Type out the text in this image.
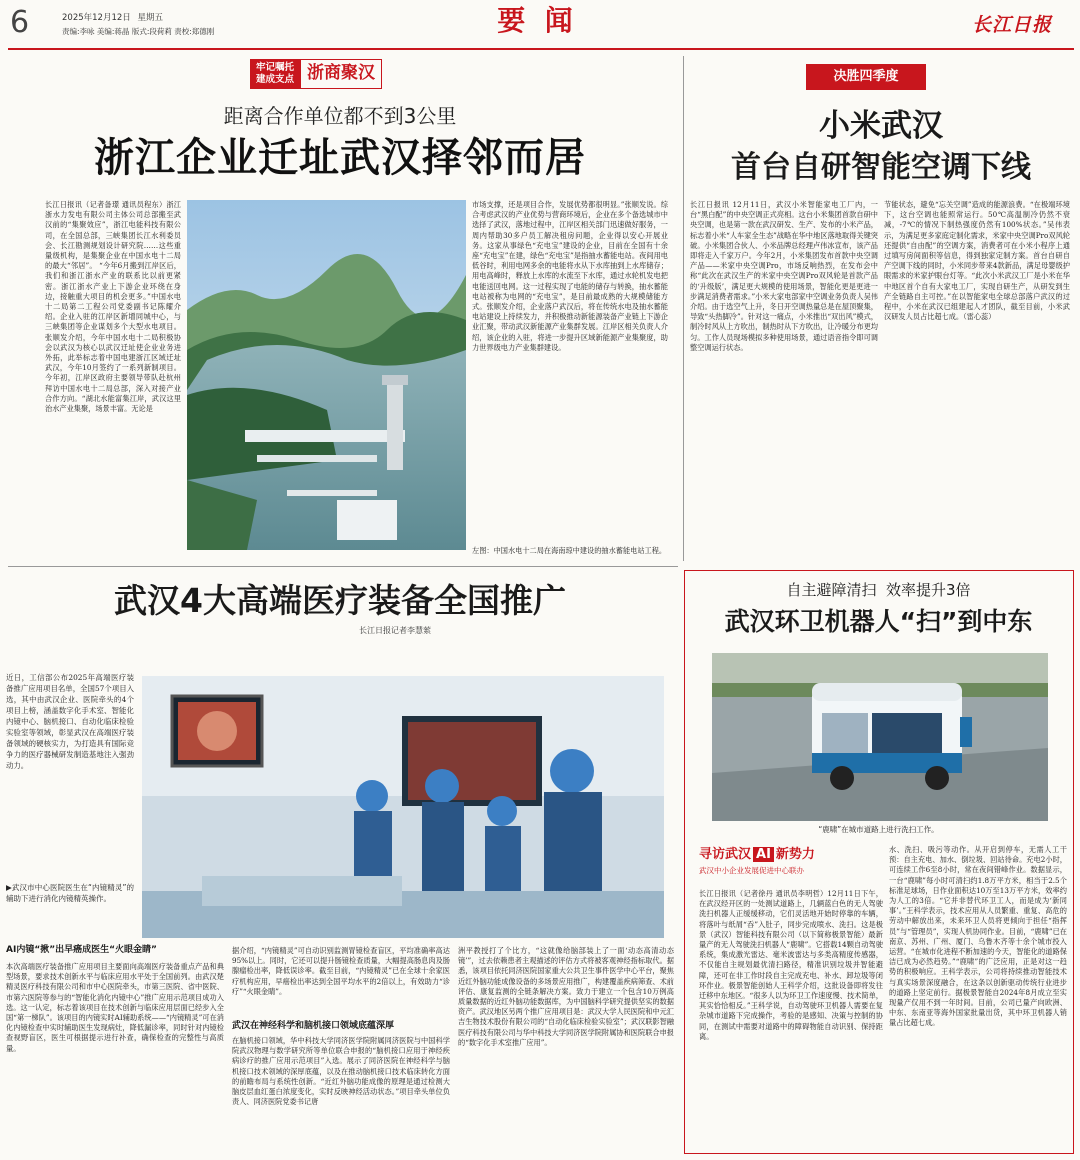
6	2025年12月12日 星期五
责编:李咏 美编:蒋晶 版式:段荷莉 责校:郑德刚	要  闻	长江日报
牢记嘱托
建成支点 浙商聚汉
距离合作单位都不到3公里
浙江企业迁址武汉择邻而居
长江日报讯（记者备璟 通讯员程东）浙江浙水力发电有限公司主体公司总部搬至武汉前的“集聚效应”，浙江电能科技有限公司，在全国总部，三峡集团长江水利委员会、长江勘测规划设计研究院……这些重量级机构，是集聚企业在中国水电十二局的最大“邻居”。 “今年6月搬到江岸区后，我们和浙江浙水产业的联系比以前更紧密。浙江浙水产业上下游企业环绕在身边，接触重大项目的机会更多。”中国水电十二局第二工程公司党委副书记陈耀介绍。企业入驻的江岸区新增同城中心，与三峡集团等企业谋划多个大型水电项目。张顺发介绍，今年中国水电十二局积极协会以武汉为核心以武汉迁址使企业业务进外拓，此举标志着中国电建浙江区域迁址武汉，今年10月签约了一系列新制项目。今年初，江岸区政府主要领导带队赴杭州拜访中国水电十二局总部，深入对接产业合作方向。“湖北水能富集江岸，武汉这里治水产业集聚，场景丰富。无论是
市场支撑，还是项目合作，发展优势都很明显。”张顺发说。综合考虑武汉的产业优势与营商环境后，企业在多个备选城市中选择了武汉，落地过程中，江岸区相关部门迅速做好服务，一周内帮助30多户员工解决租房问题，企业得以安心开展业务。这家从事绿色“充电宝”建设的企业，目前在全国有十余座“充电宝”在建，绿色“充电宝”是指抽水蓄能电站。夜间用电低谷时，利用电网多余的电能将水从下水库抽到上水库储存；用电高峰时，释放上水库的水流至下水库，通过水轮机发电把电能送回电网。这一过程实现了电能的储存与转换，抽水蓄能电站被称为电网的“充电宝”，是目前最成熟的大规模储能方式。张顺发介绍，企业落户武汉后，将在传统水电及抽水蓄能电站建设上持续发力，并积极推动新能源装备产业链上下游企业汇聚，带动武汉新能源产业集群发展。江岸区相关负责人介绍，该企业的入驻，将进一步提升区域新能源产业集聚度，助力世界级电力产业集群建设。
左图：中国水电十二局在海南琼中建设的抽水蓄能电站工程。
决胜四季度
小米武汉
首台自研智能空调下线
长江日报讯 12月11日，武汉小米智能家电工厂内，一台“黑白配”的中央空调正式亮相。这台小米集团首款自研中央空调，也是第一款在武汉研发、生产、发布的小米产品，标志着小米“人车家全生态”战略在华中地区落地取得关键突破。小米集团合伙人、小米品牌总经理卢伟冰宣布，该产品即将走入千家万户。今年2月，小米集团发布首款中央空调产品——米家中央空调Pro，市场反响热烈，在发布会中称“此次在武汉生产的米家中央空调Pro双风轮是首款产品的‘升级版’，满足更大规模的使用场景，智能化更是更进一步满足消费者需求。”小米大家电部家中空调业务负责人吴伟介绍。由于选空气上升，冬日开空调热量总是在屋顶聚集，导致“头热脚冷”。针对这一痛点，小米推出“双出风”模式，制冷时风从上方吹出，制热时从下方吹出，让冷暖分布更均匀。工作人员现场模拟多种使用场景，通过语音指令即可调整空调运行状态。
节能状态，避免“忘关空调”造成的能源浪费。“在极端环境下，这台空调也能照常运行。50℃高温制冷仍然不衰减，-7℃的情况下制热强度仍然有100%状态。”吴伟表示，为满足更多家庭定制化需求，米家中央空调Pro双风轮还提供“自由配”的空调方案，消费者可在小米小程序上通过填写房间面积等信息，得到独家定制方案。首台自研自产空调下线的同时，小米同步带来4款新品，满足母婴级护眼需求的米家护眼台灯等。“此次小米武汉工厂是小米在华中地区首个自有大家电工厂，实现自研生产，从研发到生产全链路自主可控。”在以智能家电全球总部落户武汉的过程中，小米在武汉已组建起人才团队，截至目前，小米武汉研发人员占比超七成。（雷心蕊）
武汉4大高端医疗装备全国推广
长江日报记者李慧萦
近日，工信部公布2025年高端医疗装备推广应用项目名单，全国57个项目入选，其中由武汉企业、医院牵头的4个项目上榜，涵盖数字化手术室、智能化内镜中心、脑机接口、自动化临床检验实验室等领域，彰显武汉在高端医疗装备领域的硬核实力，为打造具有国际竞争力的医疗器械研发制造基地注入强劲动力。
▶武汉市中心医院医生在“内镜精灵”的辅助下进行消化内镜精英操作。
AI内镜“揪”出早癌成医生“火眼金睛”
本次高端医疗装备推广应用项目主要面向高端医疗装备重点产品和典型场景，要求技术创新水平与临床应用水平处于全国前列。由武汉楚精灵医疗科技有限公司和市中心医院牵头，市第三医院、省中医院、市第六医院等参与的“智能化消化内镜中心”推广应用示范项目成功入选。这一认定，标志着该项目在技术创新与临床应用层面已经步入全国“第一梯队”。该项目的内镜实时AI辅助系统——“内镜精灵”可在消化内镜检查中实时辅助医生发现病灶，降低漏诊率，同时针对内镜检查视野盲区，医生可根据提示进行补查，确保检查的完整性与高质量。
据介绍，“内镜精灵”可自动识别监测胃镜检查盲区，平均准确率高达95%以上。同时，它还可以提升肠镜检查质量，大幅提高肠息肉及肠腺瘤检出率，降低误诊率。截至目前，“内镜精灵”已在全球十余家医疗机构应用，早癌检出率达到全国平均水平的2倍以上，有效助力“诊疗”“火眼金睛”。
武汉在神经科学和脑机接口领域底蕴深厚
在脑机接口领域，华中科技大学同济医学院附属同济医院与中国科学院武汉物理与数学研究所等单位联合申报的“脑机接口应用于神经疾病诊疗的推广应用示范项目”入选。展示了同济医院在神经科学与脑机接口技术领域的深厚底蕴，以及在推动脑机接口技术临床转化方面的前瞻布局与系统性创新。“近红外脑功能成像的原理是通过检测大脑皮层血红蛋白浓度变化，实时反映神经活动状态。”项目牵头单位负责人、同济医院党委书记唐
洲平教授打了个比方，“这就像给脑部装上了一面‘动态高清动态镜’”，过去依赖患者主观描述的评估方式将被客观神经指标取代。据悉，该项目依托同济医院国家重大公共卫生事件医学中心平台，聚焦近红外脑功能成像设备的多场景应用推广，构建覆盖疾病筛查、术前评估、康复监测的全链条解决方案。致力于建立一个包含10万例高质量数据的近红外脑功能数据库，为中国脑科学研究提供坚实的数据资产。武汉地区另两个推广应用项目是：武汉大学人民医院和中元汇吉生物技术股份有限公司的“自动化临床检验实验室”；武汉联影智融医疗科技有限公司与华中科技大学同济医学院附属协和医院联合申报的“数字化手术室推广应用”。
自主避障清扫  效率提升3倍
武汉环卫机器人“扫”到中东
“鹿啸”在城市道路上进行洗扫工作。
寻访武汉 AI 新势力
武汉中小企业发展促进中心联办
长江日报讯（记者徐丹 通讯员李明哲）12月11日下午，在武汉经开区的一处测试道路上，几辆蓝白色的无人驾驶洗扫机器人正缓缓移动，它们灵活地开始时停靠的车辆，将落叶与纸屑“吞”入肚子，同步完成喷水、洗扫。这是极景（武汉）智能科技有限公司（以下简称极景智能）最新量产的无人驾驶洗扫机器人“鹿啸”。它搭载14颗自动驾驶系统，集成激光雷达、毫米波雷达与多类高精度传感器，不仅能自主规划最优清扫路径，精准识别垃圾并智能避障，还可在非工作时段自主完成充电、补水、卸垃圾等闭环作业。极景智能创始人王科学介绍，这批设备即将发往迁移中东地区。“很多人以为环卫工作速度慢、技术简单，其实恰恰相反。”王科学说，自动驾驶环卫机器人需要在复杂城市道路下完成操作，考验的是感知、决策与控制的协同，在测试中需要对道路中的障碍物能自动识别、保持距离。
水、洗扫、吸污等动作。从开启到停车，无需人工干预：自主充电、加水、倒垃圾、回站待命。充电2小时，可连续工作6至8小时，常在夜间错峰作业。数据显示，一台“鹿啸”每小时可清扫约1.8万平方米，相当于2.5个标准足球场，日作业面积达10万至13万平方米，效率约为人工的3倍。“它并非替代环卫工人，而是成为‘新同事’。”王科学表示，技术应用从人员繁重、重复、高危的劳动中解放出来，未来环卫人员将更倾向于担任“指挥员”与“管理员”，实现人机协同作业。目前，“鹿啸”已在南京、苏州、广州、厦门、乌鲁木齐等十余个城市投入运营。“在城市化进程不断加速的今天，智能化的道路保洁已成为必然趋势。”“鹿啸”的广泛应用，正是对这一趋势的积极响应。王科学表示，公司将持续推动智能技术与真实场景深度融合，在这条以创新驱动传统行业进步的道路上坚定前行。据极景智能自2024年8月成立至实现量产仅用不到一年时间。目前，公司已量产向欧洲、中东、东南亚等海外国家批量出货，其中环卫机器人销量占比超七成。
